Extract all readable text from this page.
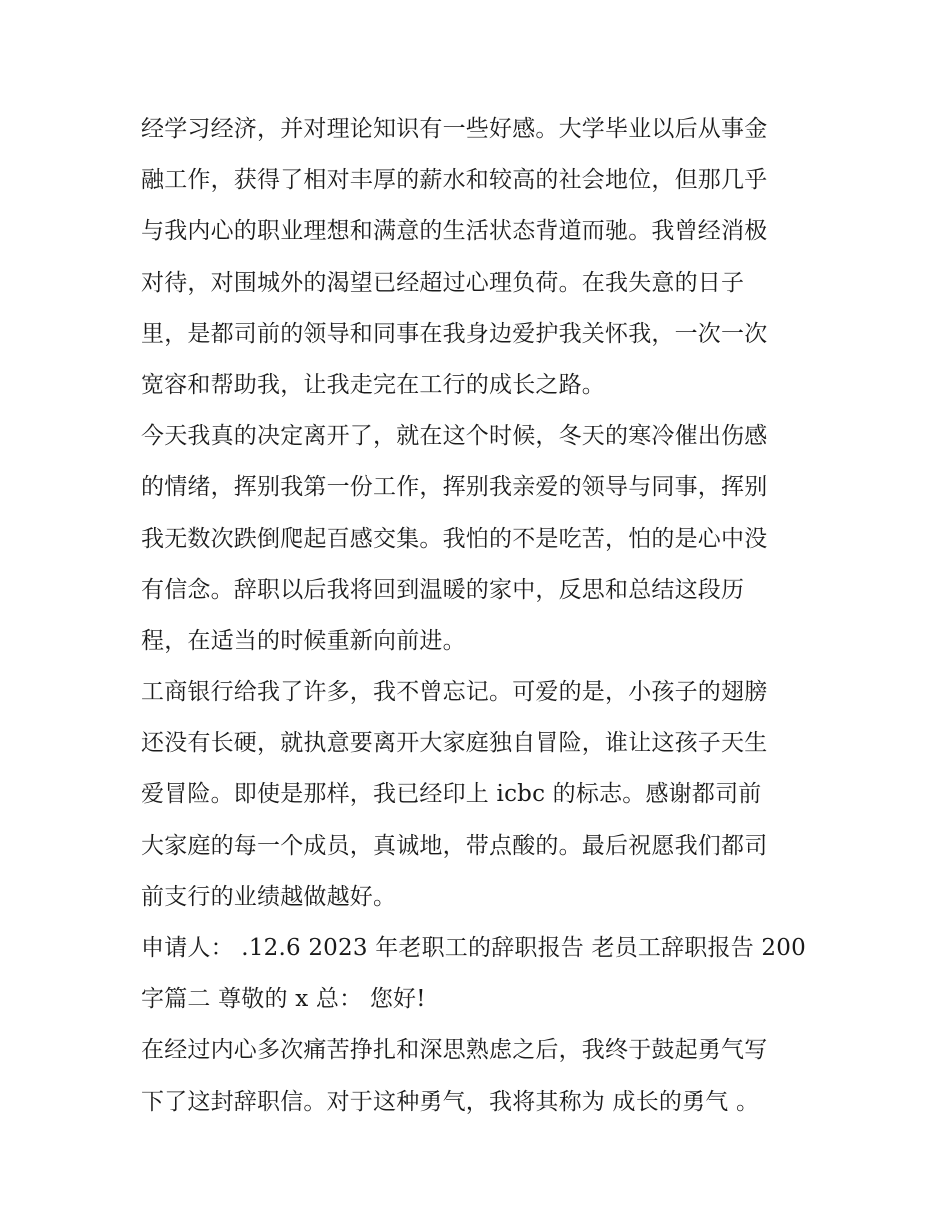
经学习经济，并对理论知识有一些好感。大学毕业以后从事金
融工作，获得了相对丰厚的薪水和较高的社会地位，但那几乎
与我内心的职业理想和满意的生活状态背道而驰。我曾经消极
对待，对围城外的渴望已经超过心理负荷。在我失意的日子
里，是都司前的领导和同事在我身边爱护我关怀我，一次一次
宽容和帮助我，让我走完在工行的成长之路。
今天我真的决定离开了，就在这个时候，冬天的寒冷催出伤感
的情绪，挥别我第一份工作，挥别我亲爱的领导与同事，挥别
我无数次跌倒爬起百感交集。我怕的不是吃苦，怕的是心中没
有信念。辞职以后我将回到温暖的家中，反思和总结这段历
程，在适当的时候重新向前进。
工商银行给我了许多，我不曾忘记。可爱的是，小孩子的翅膀
还没有长硬，就执意要离开大家庭独自冒险，谁让这孩子天生
爱冒险。即使是那样，我已经印上 icbc 的标志。感谢都司前
大家庭的每一个成员，真诚地，带点酸的。最后祝愿我们都司
前支行的业绩越做越好。
申请人： .12.6 2023 年老职工的辞职报告 老员工辞职报告 200
字篇二 尊敬的 x 总： 您好!
在经过内心多次痛苦挣扎和深思熟虑之后，我终于鼓起勇气写
下了这封辞职信。对于这种勇气，我将其称为 成长的勇气 。
